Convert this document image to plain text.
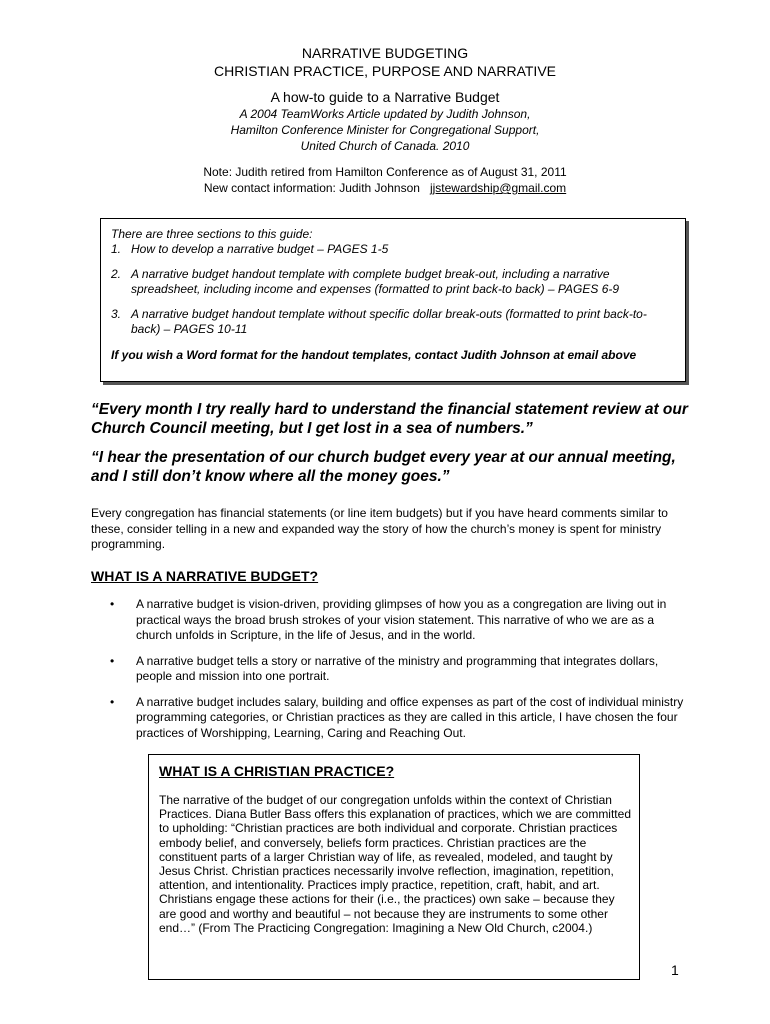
NARRATIVE BUDGETING
CHRISTIAN PRACTICE, PURPOSE AND NARRATIVE
A how-to guide to a Narrative Budget
A 2004 TeamWorks Article updated by Judith Johnson,
Hamilton Conference Minister for Congregational Support,
United Church of Canada. 2010
Note: Judith retired from Hamilton Conference as of August 31, 2011
New contact information: Judith Johnson jjstewardship@gmail.com
There are three sections to this guide:
1. How to develop a narrative budget – PAGES 1-5
2. A narrative budget handout template with complete budget break-out, including a narrative spreadsheet, including income and expenses (formatted to print back-to back) – PAGES 6-9
3. A narrative budget handout template without specific dollar break-outs (formatted to print back-to-back) – PAGES 10-11
If you wish a Word format for the handout templates, contact Judith Johnson at email above
“Every month I try really hard to understand the financial statement review at our Church Council meeting, but I get lost in a sea of numbers.”
“I hear the presentation of our church budget every year at our annual meeting, and I still don’t know where all the money goes.”
Every congregation has financial statements (or line item budgets) but if you have heard comments similar to these, consider telling in a new and expanded way the story of how the church’s money is spent for ministry programming.
WHAT IS A NARRATIVE BUDGET?
•	A narrative budget is vision-driven, providing glimpses of how you as a congregation are living out in practical ways the broad brush strokes of your vision statement. This narrative of who we are as a church unfolds in Scripture, in the life of Jesus, and in the world.
•	A narrative budget tells a story or narrative of the ministry and programming that integrates dollars, people and mission into one portrait.
•	A narrative budget includes salary, building and office expenses as part of the cost of individual ministry programming categories, or Christian practices as they are called in this article, I have chosen the four practices of Worshipping, Learning, Caring and Reaching Out.
WHAT IS A CHRISTIAN PRACTICE?
The narrative of the budget of our congregation unfolds within the context of Christian Practices. Diana Butler Bass offers this explanation of practices, which we are committed to upholding: “Christian practices are both individual and corporate. Christian practices embody belief, and conversely, beliefs form practices. Christian practices are the constituent parts of a larger Christian way of life, as revealed, modeled, and taught by Jesus Christ. Christian practices necessarily involve reflection, imagination, repetition, attention, and intentionality. Practices imply practice, repetition, craft, habit, and art. Christians engage these actions for their (i.e., the practices) own sake – because they are good and worthy and beautiful – not because they are instruments to some other end…” (From The Practicing Congregation: Imagining a New Old Church, c2004.)
1
